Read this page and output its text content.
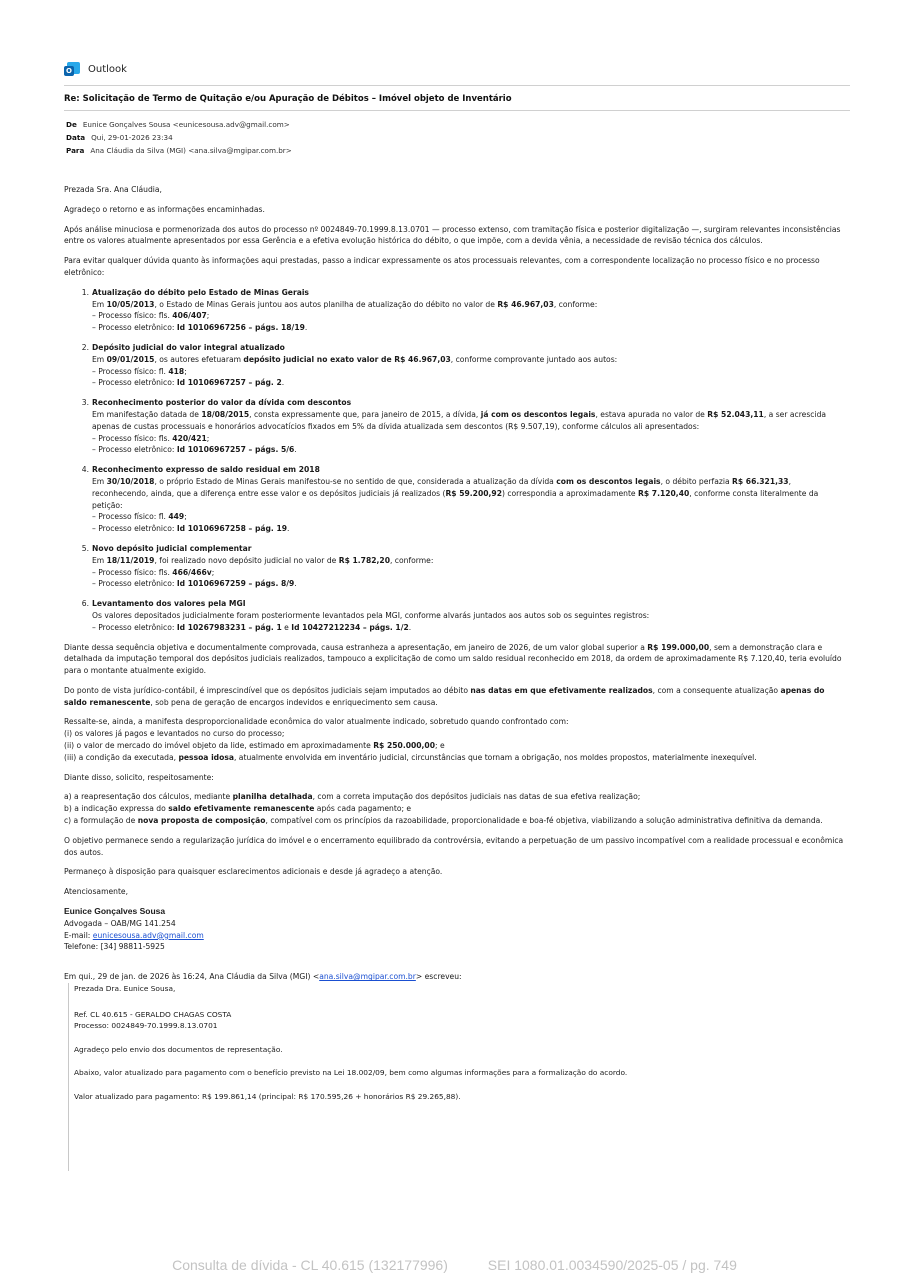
O Outlook
Re: Solicitação de Termo de Quitação e/ou Apuração de Débitos – Imóvel objeto de Inventário
De Eunice Gonçalves Sousa <eunicesousa.adv@gmail.com>
Data Qui, 29-01-2026 23:34
Para Ana Cláudia da Silva (MGI) <ana.silva@mgipar.com.br>

Prezada Sra. Ana Cláudia,

Agradeço o retorno e as informações encaminhadas.

Após análise minuciosa e pormenorizada dos autos do processo nº 0024849-70.1999.8.13.0701 — processo extenso, com tramitação física e posterior digitalização —, surgiram relevantes inconsistências entre os valores atualmente apresentados por essa Gerência e a efetiva evolução histórica do débito, o que impõe, com a devida vênia, a necessidade de revisão técnica dos cálculos.

Para evitar qualquer dúvida quanto às informações aqui prestadas, passo a indicar expressamente os atos processuais relevantes, com a correspondente localização no processo físico e no processo eletrônico:

1. Atualização do débito pelo Estado de Minas Gerais
Em 10/05/2013, o Estado de Minas Gerais juntou aos autos planilha de atualização do débito no valor de R$ 46.967,03, conforme:
– Processo físico: fls. 406/407;
– Processo eletrônico: Id 10106967256 – págs. 18/19.
2. Depósito judicial do valor integral atualizado
Em 09/01/2015, os autores efetuaram depósito judicial no exato valor de R$ 46.967,03, conforme comprovante juntado aos autos:
– Processo físico: fl. 418;
– Processo eletrônico: Id 10106967257 – pág. 2.
3. Reconhecimento posterior do valor da dívida com descontos
Em manifestação datada de 18/08/2015, consta expressamente que, para janeiro de 2015, a dívida, já com os descontos legais, estava apurada no valor de R$ 52.043,11, a ser acrescida apenas de custas processuais e honorários advocatícios fixados em 5% da dívida atualizada sem descontos (R$ 9.507,19), conforme cálculos ali apresentados:
– Processo físico: fls. 420/421;
– Processo eletrônico: Id 10106967257 – págs. 5/6.
4. Reconhecimento expresso de saldo residual em 2018
Em 30/10/2018, o próprio Estado de Minas Gerais manifestou-se no sentido de que, considerada a atualização da dívida com os descontos legais, o débito perfazia R$ 66.321,33, reconhecendo, ainda, que a diferença entre esse valor e os depósitos judiciais já realizados (R$ 59.200,92) correspondia a aproximadamente R$ 7.120,40, conforme consta literalmente da petição:
– Processo físico: fl. 449;
– Processo eletrônico: Id 10106967258 – pág. 19.
5. Novo depósito judicial complementar
Em 18/11/2019, foi realizado novo depósito judicial no valor de R$ 1.782,20, conforme:
– Processo físico: fls. 466/466v;
– Processo eletrônico: Id 10106967259 – págs. 8/9.
6. Levantamento dos valores pela MGI
Os valores depositados judicialmente foram posteriormente levantados pela MGI, conforme alvarás juntados aos autos sob os seguintes registros:
– Processo eletrônico: Id 10267983231 – pág. 1 e Id 10427212234 – págs. 1/2.

Diante dessa sequência objetiva e documentalmente comprovada, causa estranheza a apresentação, em janeiro de 2026, de um valor global superior a R$ 199.000,00, sem a demonstração clara e detalhada da imputação temporal dos depósitos judiciais realizados, tampouco a explicitação de como um saldo residual reconhecido em 2018, da ordem de aproximadamente R$ 7.120,40, teria evoluído para o montante atualmente exigido.

Do ponto de vista jurídico-contábil, é imprescindível que os depósitos judiciais sejam imputados ao débito nas datas em que efetivamente realizados, com a consequente atualização apenas do saldo remanescente, sob pena de geração de encargos indevidos e enriquecimento sem causa.

Ressalte-se, ainda, a manifesta desproporcionalidade econômica do valor atualmente indicado, sobretudo quando confrontado com:
(i) os valores já pagos e levantados no curso do processo;
(ii) o valor de mercado do imóvel objeto da lide, estimado em aproximadamente R$ 250.000,00; e
(iii) a condição da executada, pessoa idosa, atualmente envolvida em inventário judicial, circunstâncias que tornam a obrigação, nos moldes propostos, materialmente inexequível.

Diante disso, solicito, respeitosamente:

a) a reapresentação dos cálculos, mediante planilha detalhada, com a correta imputação dos depósitos judiciais nas datas de sua efetiva realização;
b) a indicação expressa do saldo efetivamente remanescente após cada pagamento; e
c) a formulação de nova proposta de composição, compatível com os princípios da razoabilidade, proporcionalidade e boa-fé objetiva, viabilizando a solução administrativa definitiva da demanda.

O objetivo permanece sendo a regularização jurídica do imóvel e o encerramento equilibrado da controvérsia, evitando a perpetuação de um passivo incompatível com a realidade processual e econômica dos autos.

Permaneço à disposição para quaisquer esclarecimentos adicionais e desde já agradeço a atenção.

Atenciosamente,

Eunice Gonçalves Sousa
Advogada – OAB/MG 141.254
E-mail: eunicesousa.adv@gmail.com
Telefone: [34] 98811-5925
Em qui., 29 de jan. de 2026 às 16:24, Ana Cláudia da Silva (MGI) <ana.silva@mgipar.com.br> escreveu:

Prezada Dra. Eunice Sousa,

Ref. CL 40.615 - GERALDO CHAGAS COSTA

Processo: 0024849-70.1999.8.13.0701

Agradeço pelo envio dos documentos de representação.

Abaixo, valor atualizado para pagamento com o benefício previsto na Lei 18.002/09, bem como algumas informações para a formalização do acordo.

Valor atualizado para pagamento: R$ 199.861,14 (principal: R$ 170.595,26 + honorários R$ 29.265,88).

Consulta de dívida - CL 40.615 (132177996)	SEI 1080.01.0034590/2025-05 / pg. 749
